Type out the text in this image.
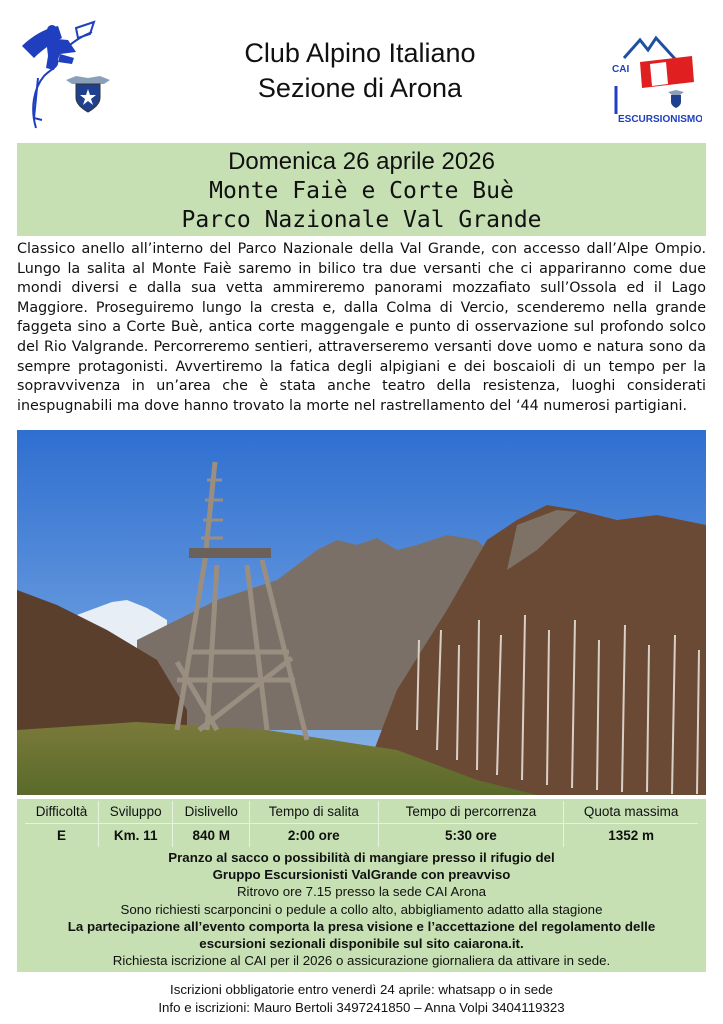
CAI
ESCURSIONISMO
Club Alpino Italiano
Sezione di Arona
Domenica 26 aprile 2026
Monte Faiè e Corte Buè
Parco Nazionale Val Grande

Classico anello all’interno del Parco Nazionale della Val Grande, con accesso dall’Alpe Ompio. Lungo la salita al Monte Faiè saremo in bilico tra due versanti che ci appariranno come due mondi diversi e dalla sua vetta ammireremo panorami mozzafiato sull’Ossola ed il Lago Maggiore. Proseguiremo lungo la cresta e, dalla Colma di Vercio, scenderemo nella grande faggeta sino a Corte Buè, antica corte maggengale e punto di osservazione sul profondo solco del Rio Valgrande. Percorreremo sentieri, attraverseremo versanti dove uomo e natura sono da sempre protagonisti. Avvertiremo la fatica degli alpigiani e dei boscaioli di un tempo per la sopravvivenza in un’area che è stata anche teatro della resistenza, luoghi considerati inespugnabili ma dove hanno trovato la morte nel rastrellamento del ‘44 numerosi partigiani.

Difficoltà	Sviluppo	Dislivello	Tempo di salita	Tempo di percorrenza	Quota massima
E	Km. 11	840 M	2:00 ore	5:30 ore	1352 m
Pranzo al sacco o possibilità di mangiare presso il rifugio del
Gruppo Escursionisti ValGrande con preavviso
Ritrovo ore 7.15 presso la sede CAI Arona
Sono richiesti scarponcini o pedule a collo alto, abbigliamento adatto alla stagione
La partecipazione all’evento comporta la presa visione e l’accettazione del regolamento delle
escursioni sezionali disponibile sul sito caiarona.it.
Richiesta iscrizione al CAI per il 2026 o assicurazione giornaliera da attivare in sede.
Iscrizioni obbligatorie entro venerdì 24 aprile: whatsapp o in sede
Info e iscrizioni: Mauro Bertoli 3497241850 – Anna Volpi 3404119323
